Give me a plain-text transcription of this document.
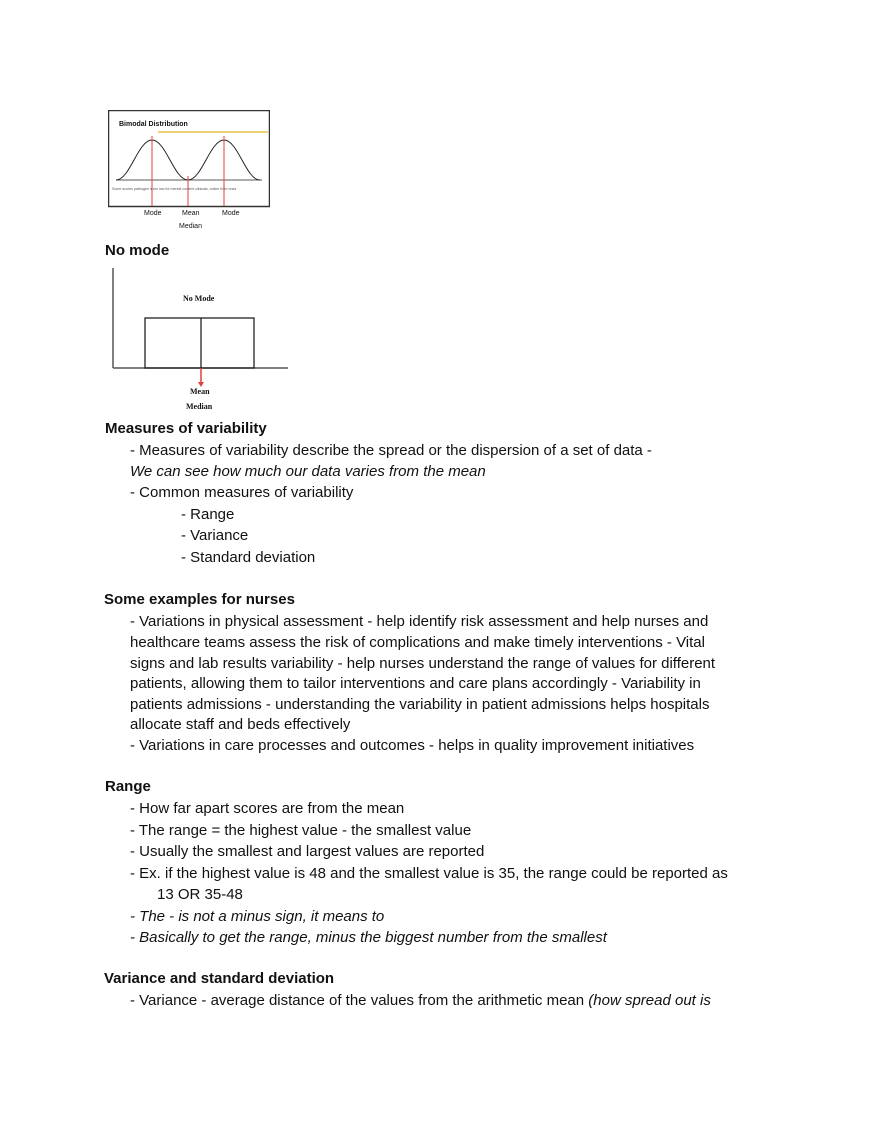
Bimodal Distribution
Some scores pathogen learn low for mental content clinicals, online from ones
Mode	Mean	Mode
Median
No mode
No Mode
Mean
Median
Measures of variability
- Measures of variability describe the spread or the dispersion of a set of data -
We can see how much our data varies from the mean
- Common measures of variability
- Range
- Variance
- Standard deviation
Some examples for nurses
- Variations in physical assessment - help identify risk assessment and help nurses and
healthcare teams assess the risk of complications and make timely interventions - Vital
signs and lab results variability - help nurses understand the range of values for different
patients, allowing them to tailor interventions and care plans accordingly - Variability in
patients admissions - understanding the variability in patient admissions helps hospitals
allocate staff and beds effectively
- Variations in care processes and outcomes - helps in quality improvement initiatives
Range
- How far apart scores are from the mean
- The range = the highest value - the smallest value
- Usually the smallest and largest values are reported
- Ex. if the highest value is 48 and the smallest value is 35, the range could be reported as
13 OR 35-48
- The - is not a minus sign, it means to
- Basically to get the range, minus the biggest number from the smallest
Variance and standard deviation
- Variance - average distance of the values from the arithmetic mean (how spread out is
